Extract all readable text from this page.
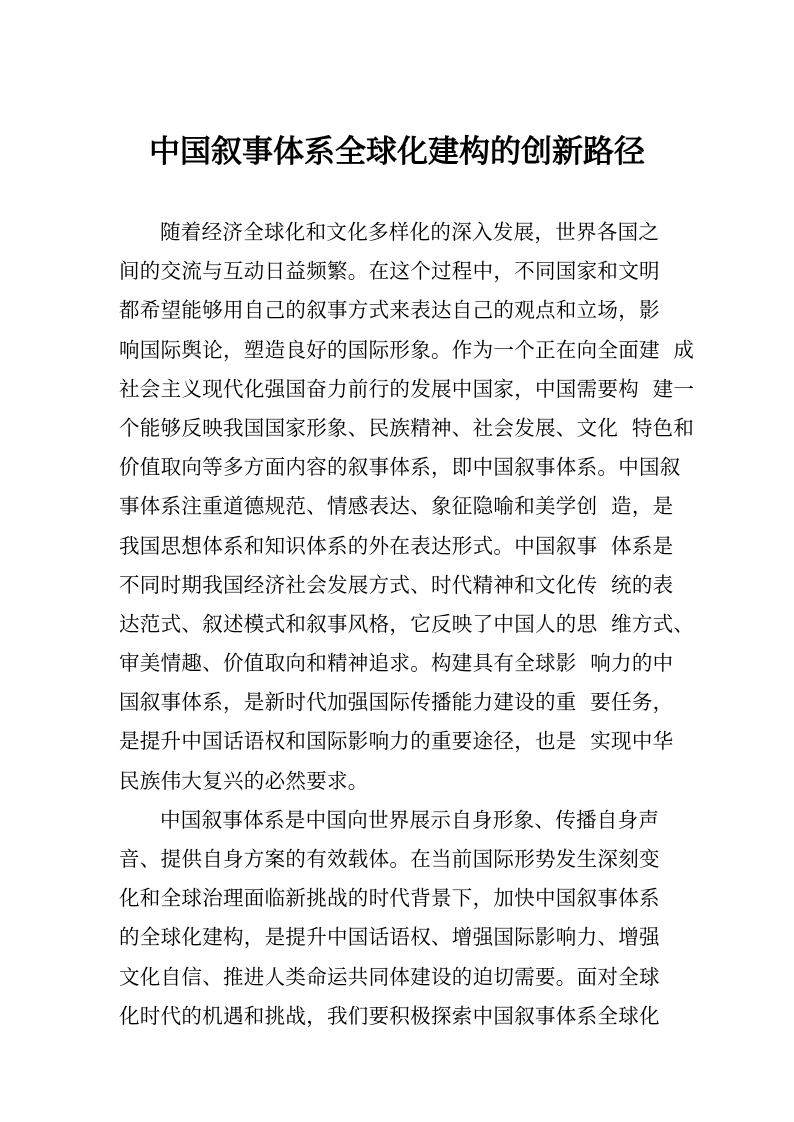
中国叙事体系全球化建构的创新路径
随着经济全球化和文化多样化的深入发展，世界各国之
间的交流与互动日益频繁。在这个过程中，不同国家和文明
都希望能够用自己的叙事方式来表达自己的观点和立场，影
响国际舆论，塑造良好的国际形象。作为一个正在向全面建  成
社会主义现代化强国奋力前行的发展中国家，中国需要构  建一
个能够反映我国国家形象、民族精神、社会发展、文化  特色和
价值取向等多方面内容的叙事体系，即中国叙事体系。中国叙
事体系注重道德规范、情感表达、象征隐喻和美学创  造，是
我国思想体系和知识体系的外在表达形式。中国叙事  体系是
不同时期我国经济社会发展方式、时代精神和文化传  统的表
达范式、叙述模式和叙事风格，它反映了中国人的思  维方式、
审美情趣、价值取向和精神追求。构建具有全球影  响力的中
国叙事体系，是新时代加强国际传播能力建设的重  要任务，
是提升中国话语权和国际影响力的重要途径，也是  实现中华
民族伟大复兴的必然要求。
中国叙事体系是中国向世界展示自身形象、传播自身声
音、提供自身方案的有效载体。在当前国际形势发生深刻变
化和全球治理面临新挑战的时代背景下，加快中国叙事体系
的全球化建构，是提升中国话语权、增强国际影响力、增强
文化自信、推进人类命运共同体建设的迫切需要。面对全球
化时代的机遇和挑战，我们要积极探索中国叙事体系全球化
